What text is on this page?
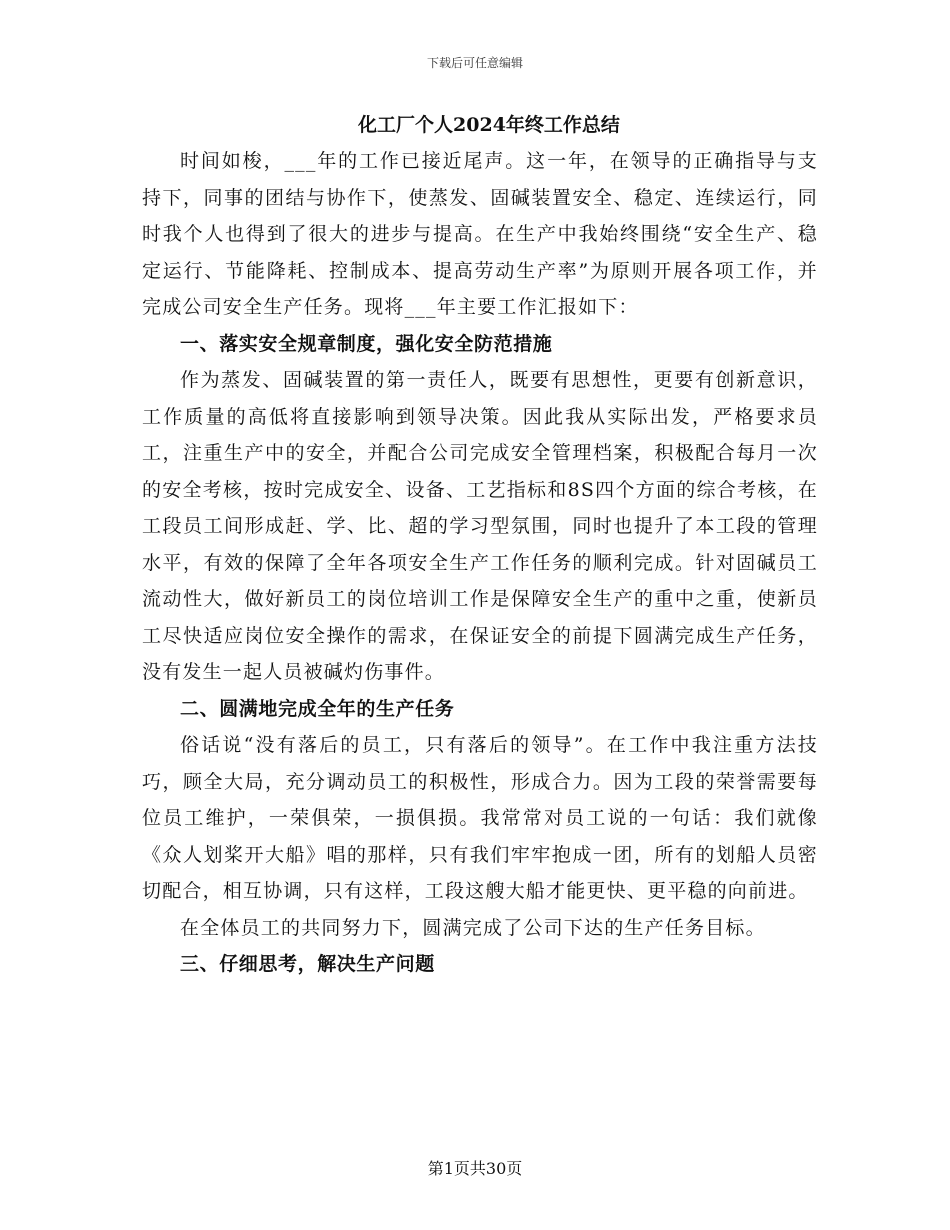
下载后可任意编辑
化工厂个人2024年终工作总结

时间如梭，___年的工作已接近尾声。这一年，在领导的正确指导与支持下，同事的团结与协作下，使蒸发、固碱装置安全、稳定、连续运行，同时我个人也得到了很大的进步与提高。在生产中我始终围绕“安全生产、稳定运行、节能降耗、控制成本、提高劳动生产率”为原则开展各项工作，并完成公司安全生产任务。现将___年主要工作汇报如下：

一、落实安全规章制度，强化安全防范措施

作为蒸发、固碱装置的第一责任人，既要有思想性，更要有创新意识，工作质量的高低将直接影响到领导决策。因此我从实际出发，严格要求员工，注重生产中的安全，并配合公司完成安全管理档案，积极配合每月一次的安全考核，按时完成安全、设备、工艺指标和8S四个方面的综合考核，在工段员工间形成赶、学、比、超的学习型氛围，同时也提升了本工段的管理水平，有效的保障了全年各项安全生产工作任务的顺利完成。针对固碱员工流动性大，做好新员工的岗位培训工作是保障安全生产的重中之重，使新员工尽快适应岗位安全操作的需求，在保证安全的前提下圆满完成生产任务，没有发生一起人员被碱灼伤事件。

二、圆满地完成全年的生产任务

俗话说“没有落后的员工，只有落后的领导”。在工作中我注重方法技巧，顾全大局，充分调动员工的积极性，形成合力。因为工段的荣誉需要每位员工维护，一荣俱荣，一损俱损。我常常对员工说的一句话：我们就像《众人划桨开大船》唱的那样，只有我们牢牢抱成一团，所有的划船人员密切配合，相互协调，只有这样，工段这艘大船才能更快、更平稳的向前进。

在全体员工的共同努力下，圆满完成了公司下达的生产任务目标。

三、仔细思考，解决生产问题

第1页共30页
